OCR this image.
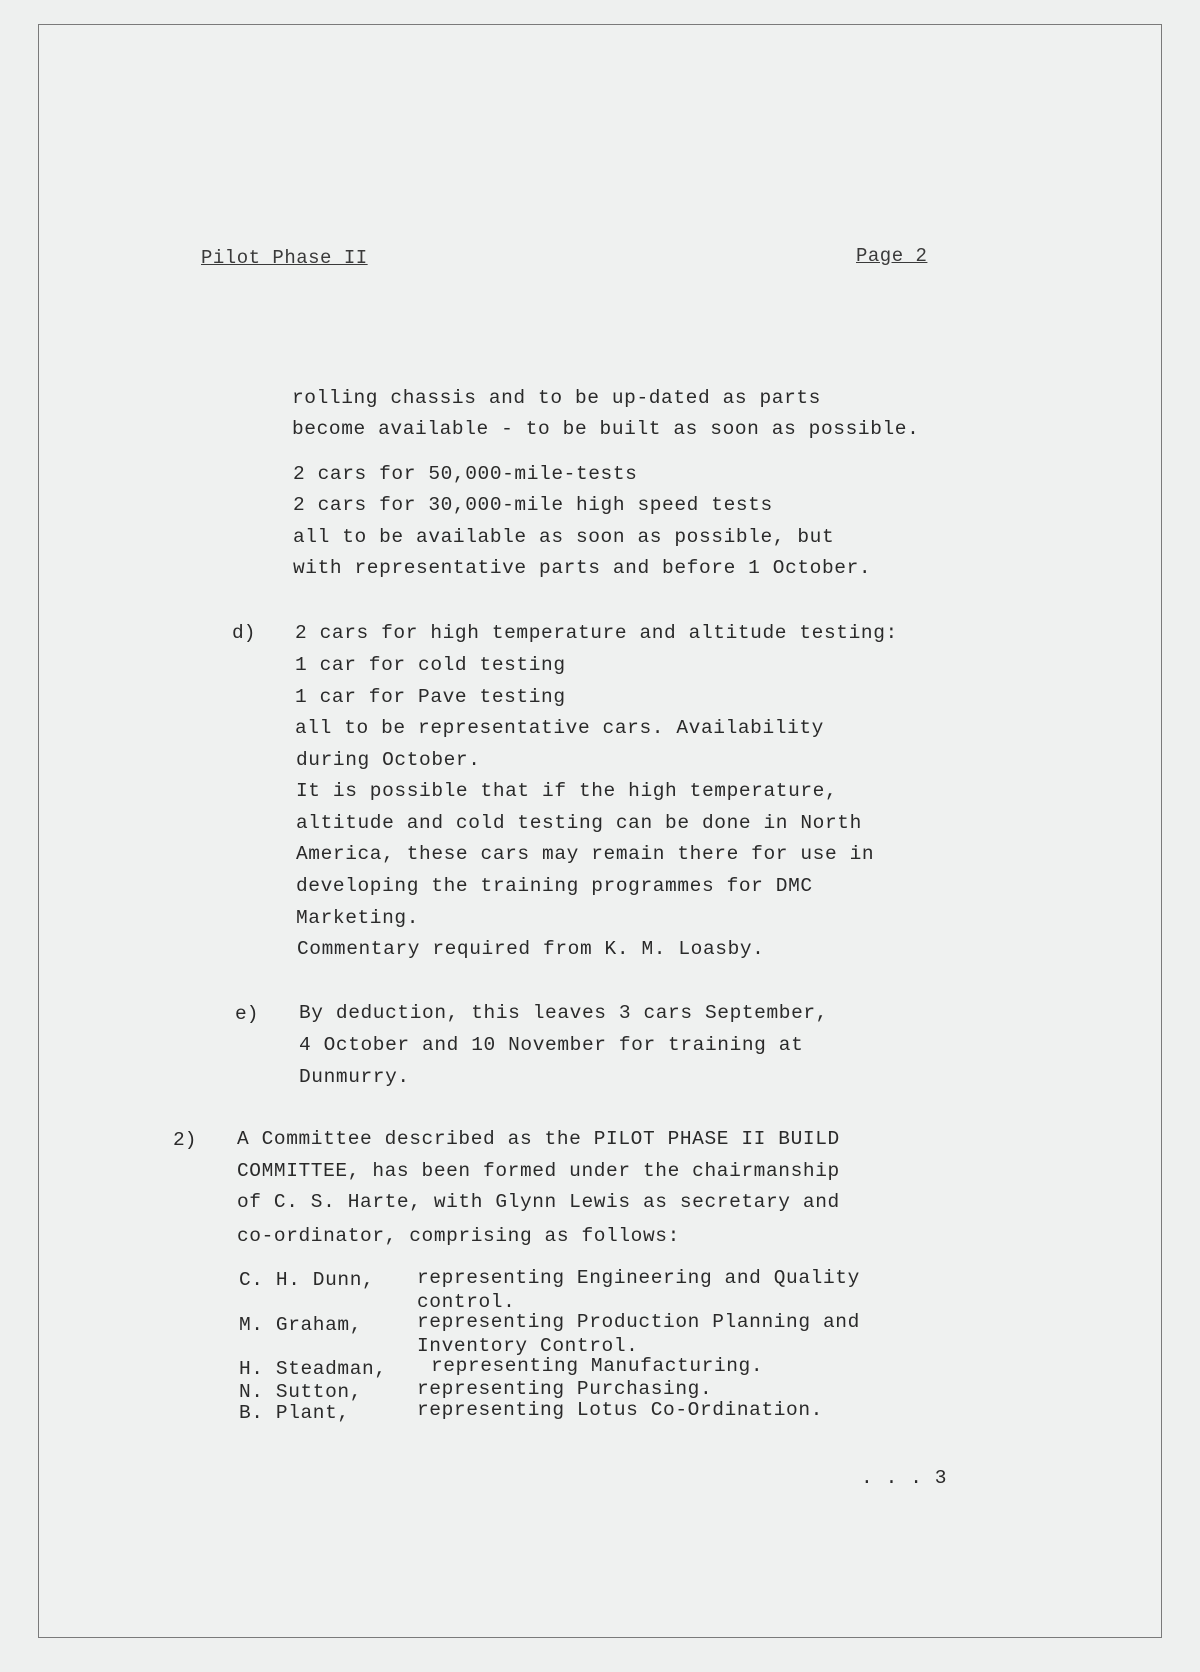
Pilot Phase II	Page 2
rolling chassis and to be up-dated as parts
become available - to be built as soon as possible.
2 cars for 50,000-mile-tests
2 cars for 30,000-mile high speed tests
all to be available as soon as possible, but
with representative parts and before 1 October.
d) 2 cars for high temperature and altitude testing:
1 car for cold testing
1 car for Pave testing
all to be representative cars. Availability
during October.
It is possible that if the high temperature,
altitude and cold testing can be done in North
America, these cars may remain there for use in
developing the training programmes for DMC
Marketing.
Commentary required from K. M. Loasby.
e) By deduction, this leaves 3 cars September,
4 October and 10 November for training at
Dunmurry.
2) A Committee described as the PILOT PHASE II BUILD
COMMITTEE, has been formed under the chairmanship
of C. S. Harte, with Glynn Lewis as secretary and
co-ordinator, comprising as follows:
C. H. Dunn, representing Engineering and Quality
control.
M. Graham,	representing Production Planning and
Inventory Control.
H. Steadman, representing Manufacturing.
N. Sutton,	representing Purchasing.
B. Plant,	representing Lotus Co-Ordination.
. . . 3
